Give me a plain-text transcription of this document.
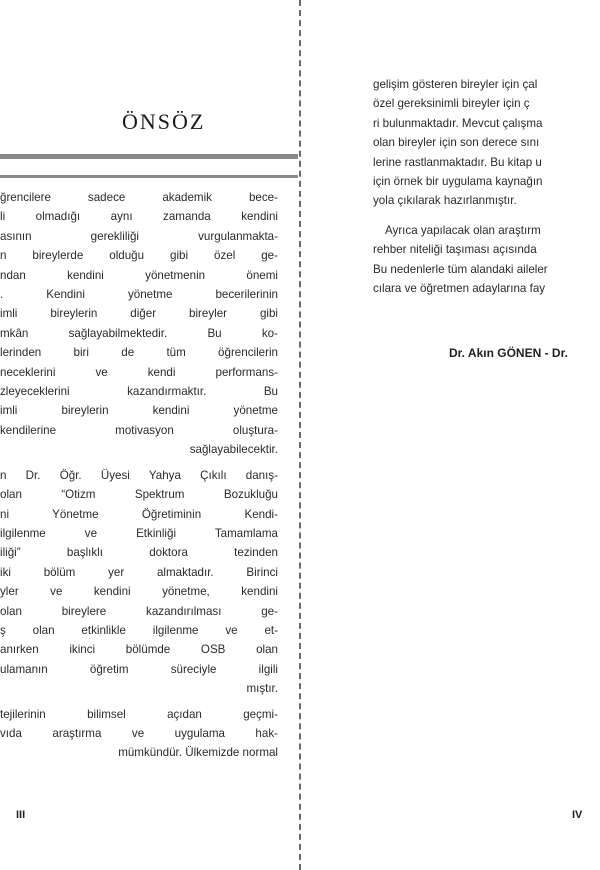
ÖNSÖZ
ğrencilere sadece akademik bece-
li olmadığı aynı zamanda kendini
asının gerekliliği vurgulanmakta-
n bireylerde olduğu gibi özel ge-
ndan kendini yönetmenin önemi
. Kendini yönetme becerilerinin
imli bireylerin diğer bireyler gibi
mkân sağlayabilmektedir. Bu ko-
lerinden biri de tüm öğrencilerin
neceklerini ve kendi performans-
zleyeceklerini kazandırmaktır. Bu
imli bireylerin kendini yönetme
kendilerine motivasyon oluştura-
sağlayabilecektir.
n Dr. Öğr. Üyesi Yahya Çıkılı danış-
olan “Otizm Spektrum Bozukluğu
ni Yönetme Öğretiminin Kendi-
ilgilenme ve Etkinliği Tamamlama
iliği” başlıklı doktora tezinden
iki bölüm yer almaktadır. Birinci
yler ve kendini yönetme, kendini
olan bireylere kazandırılması ge-
ş olan etkinlikle ilgilenme ve et-
anırken ikinci bölümde OSB olan
ulamanın öğretim süreciyle ilgili
mıştır.
tejilerinin bilimsel açıdan geçmi-
vıda araştırma ve uygulama hak-
mümkündür. Ülkemizde normal
III
gelişim gösteren bireyler için çal
özel gereksinimli bireyler için ç
ri bulunmaktadır. Mevcut çalışma
olan bireyler için son derece sını
lerine rastlanmaktadır. Bu kitap u
için örnek bir uygulama kaynağın
yola çıkılarak hazırlanmıştır.
Ayrıca yapılacak olan araştırm
rehber niteliği taşıması açısında
Bu nedenlerle tüm alandaki aileler
cılara ve öğretmen adaylarına fay
Dr. Akın GÖNEN - Dr.
IV
